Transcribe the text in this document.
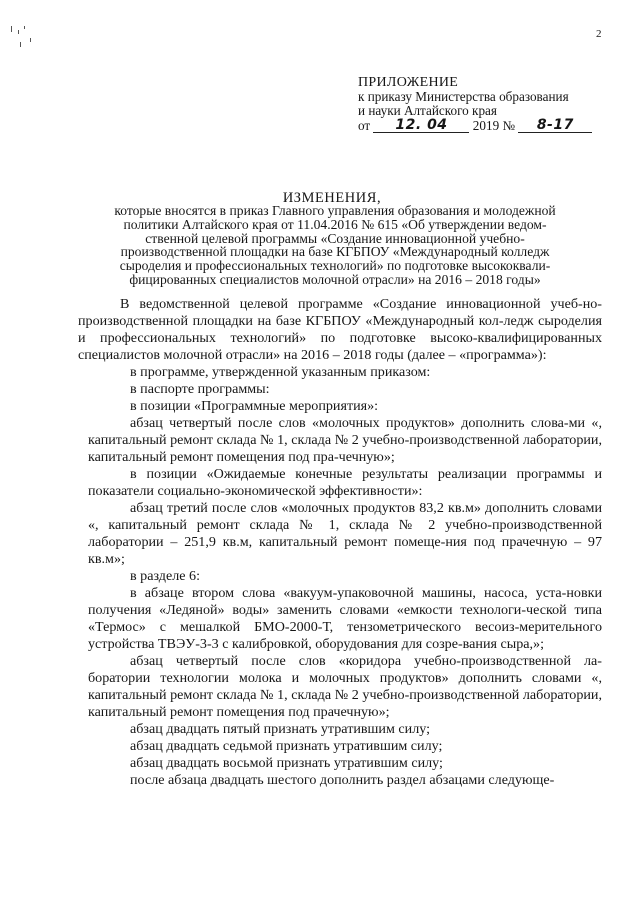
2
ПРИЛОЖЕНИЕ
к приказу Министерства образования
и науки Алтайского края
от 12. 04 2019 № 8-17
ИЗМЕНЕНИЯ,
которые вносятся в приказ Главного управления образования и молодежной
политики Алтайского края от 11.04.2016 № 615 «Об утверждении ведом-
ственной целевой программы «Создание инновационной учебно-
производственной площадки на базе КГБПОУ «Международный колледж
сыроделия и профессиональных технологий» по подготовке высококвали-
фицированных специалистов молочной отрасли» на 2016 – 2018 годы»

В ведомственной целевой программе «Создание инновационной учеб-но-производственной площадки на базе КГБПОУ «Международный кол-ледж сыроделия и профессиональных технологий» по подготовке высоко-квалифицированных специалистов молочной отрасли» на 2016 – 2018 годы (далее – «программа»):

в программе, утвержденной указанным приказом:

в паспорте программы:

в позиции «Программные мероприятия»:

абзац четвертый после слов «молочных продуктов» дополнить слова-ми «, капитальный ремонт склада № 1, склада № 2 учебно-производственной лаборатории, капитальный ремонт помещения под пра-чечную»;

в позиции «Ожидаемые конечные результаты реализации программы и показатели социально-экономической эффективности»:

абзац третий после слов «молочных продуктов 83,2 кв.м» дополнить словами «, капитальный ремонт склада № 1, склада № 2 учебно-производственной лаборатории – 251,9 кв.м, капитальный ремонт помеще-ния под прачечную – 97 кв.м»;

в разделе 6:

в абзаце втором слова «вакуум-упаковочной машины, насоса, уста-новки получения «Ледяной» воды» заменить словами «емкости технологи-ческой типа «Термос» с мешалкой БМО-2000-Т, тензометрического весоиз-мерительного устройства ТВЭУ-3-3 с калибровкой, оборудования для созре-вания сыра,»;

абзац четвертый после слов «коридора учебно-производственной ла-боратории технологии молока и молочных продуктов» дополнить словами «, капитальный ремонт склада № 1, склада № 2 учебно-производственной лаборатории, капитальный ремонт помещения под прачечную»;

абзац двадцать пятый признать утратившим силу;

абзац двадцать седьмой признать утратившим силу;

абзац двадцать восьмой признать утратившим силу;

после абзаца двадцать шестого дополнить раздел абзацами следующе-
